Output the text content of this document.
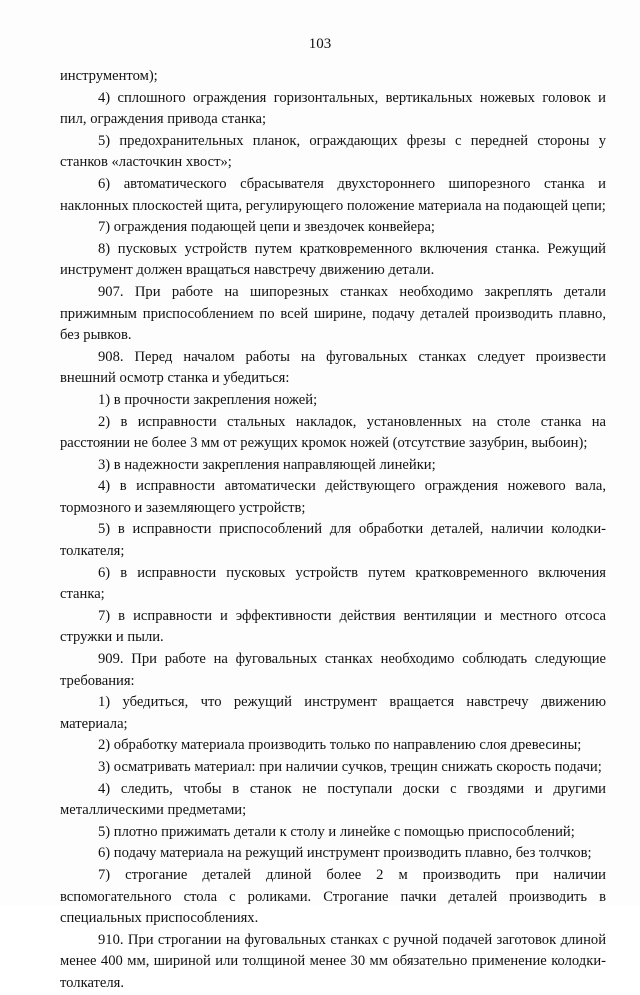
103

инструментом);

4) сплошного ограждения горизонтальных, вертикальных ножевых головок и пил, ограждения привода станка;

5) предохранительных планок, ограждающих фрезы с передней стороны у станков «ласточкин хвост»;

6) автоматического сбрасывателя двухстороннего шипорезного станка и наклонных плоскостей щита, регулирующего положение материала на подающей цепи;

7) ограждения подающей цепи и звездочек конвейера;

8) пусковых устройств путем кратковременного включения станка. Режущий инструмент должен вращаться навстречу движению детали.

907. При работе на шипорезных станках необходимо закреплять детали прижимным приспособлением по всей ширине, подачу деталей производить плавно, без рывков.

908. Перед началом работы на фуговальных станках следует произвести внешний осмотр станка и убедиться:

1) в прочности закрепления ножей;

2) в исправности стальных накладок, установленных на столе станка на расстоянии не более 3 мм от режущих кромок ножей (отсутствие зазубрин, выбоин);

3) в надежности закрепления направляющей линейки;

4) в исправности автоматически действующего ограждения ножевого вала, тормозного и заземляющего устройств;

5) в исправности приспособлений для обработки деталей, наличии колодки-толкателя;

6) в исправности пусковых устройств путем кратковременного включения станка;

7) в исправности и эффективности действия вентиляции и местного отсоса стружки и пыли.

909. При работе на фуговальных станках необходимо соблюдать следующие требования:

1) убедиться, что режущий инструмент вращается навстречу движению материала;

2) обработку материала производить только по направлению слоя древесины;

3) осматривать материал: при наличии сучков, трещин снижать скорость подачи;

4) следить, чтобы в станок не поступали доски с гвоздями и другими металлическими предметами;

5) плотно прижимать детали к столу и линейке с помощью приспособлений;

6) подачу материала на режущий инструмент производить плавно, без толчков;

7) строгание деталей длиной более 2 м производить при наличии вспомогательного стола с роликами. Строгание пачки деталей производить в специальных приспособлениях.

910. При строгании на фуговальных станках с ручной подачей заготовок длиной менее 400 мм, шириной или толщиной менее 30 мм обязательно применение колодки-толкателя.
